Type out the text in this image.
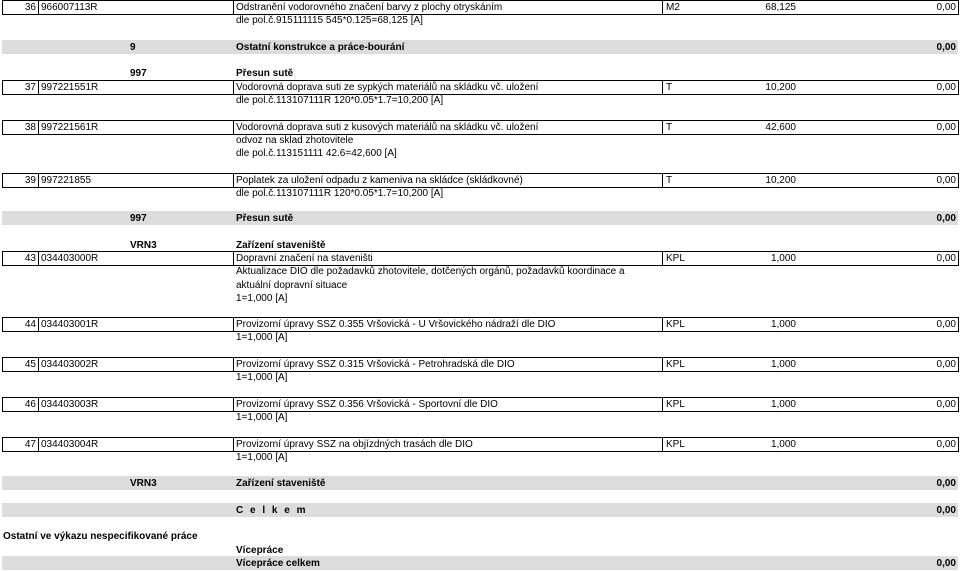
36 966007113R	Odstranění vodorovného značení barvy z plochy otryskáním	M2	68,125	0,00
dle pol.č.915111115 545*0.125=68,125 [A]
9	Ostatní konstrukce a práce-bourání	0,00
997	Přesun sutě
37 997221551R	Vodorovná doprava suti ze sypkých materiálů na skládku vč. uložení	T	10,200	0,00
dle pol.č.113107111R 120*0.05*1.7=10,200 [A]
38 997221561R	Vodorovná doprava suti z kusových materiálů na skládku vč. uložení	T	42,600	0,00
odvoz na sklad zhotovitele
dle pol.č.113151111 42.6=42,600 [A]
39 997221855	Poplatek za uložení odpadu z kameniva na skládce (skládkovné)	T	10,200	0,00
dle pol.č.113107111R 120*0.05*1.7=10,200 [A]
997	Přesun sutě	0,00
VRN3	Zařízení staveniště
43 034403000R	Dopravní značení na staveništi	KPL	1,000	0,00
Aktualizace DIO dle požadavků zhotovitele, dotčených orgánů, požadavků koordinace a
aktuální dopravní situace
1=1,000 [A]
44 034403001R	Provizorní úpravy SSZ 0.355 Vršovická - U Vršovického nádraží dle DIO	KPL	1,000	0,00
1=1,000 [A]
45 034403002R	Provizorní úpravy SSZ 0.315 Vršovická - Petrohradská dle DIO	KPL	1,000	0,00
1=1,000 [A]
46 034403003R	Provizorní úpravy SSZ 0.356 Vršovická - Sportovní dle DIO	KPL	1,000	0,00
1=1,000 [A]
47 034403004R	Provizorní úpravy SSZ na objízdných trasách dle DIO	KPL	1,000	0,00
1=1,000 [A]
VRN3	Zařízení staveniště	0,00
C e l k e m	0,00
Ostatní ve výkazu nespecifikované práce
Vícepráce
Vícepráce celkem	0,00
